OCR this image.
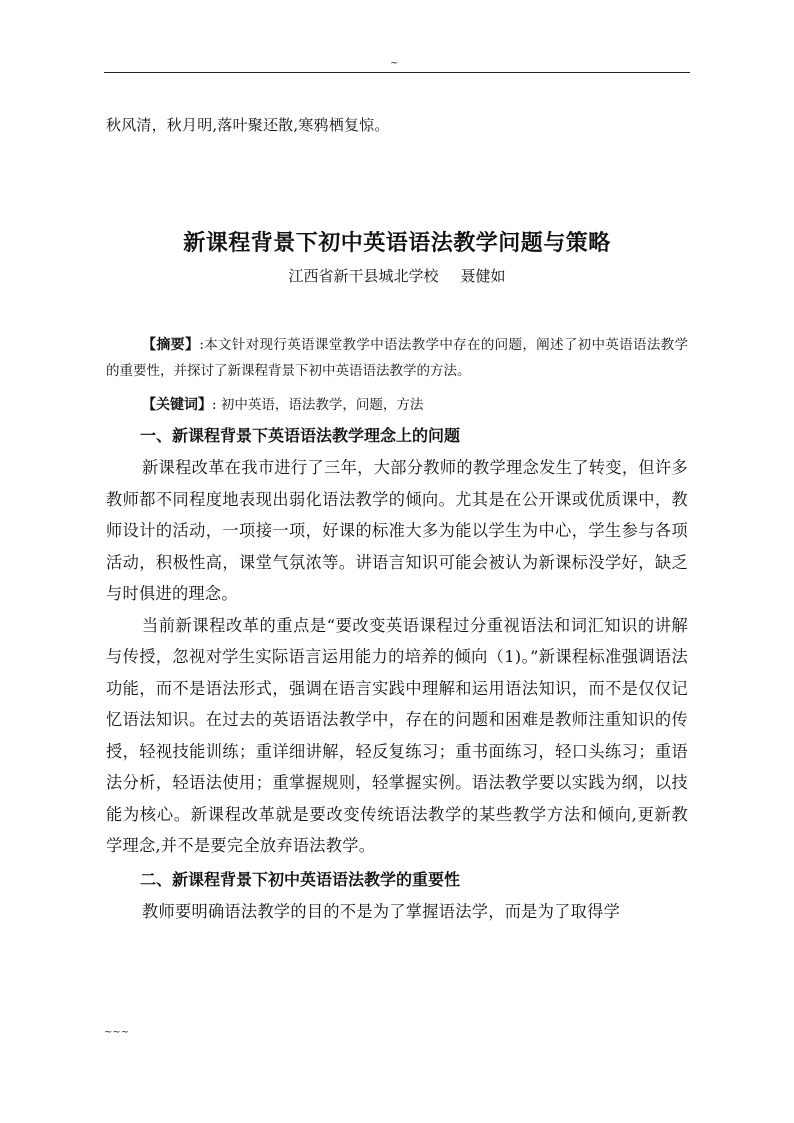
~
秋风清，秋月明,落叶聚还散,寒鸦栖复惊。
新课程背景下初中英语语法教学问题与策略
江西省新干县城北学校 聂健如

【摘要】:本文针对现行英语课堂教学中语法教学中存在的问题，阐述了初中英语语法教学的重要性，并探讨了新课程背景下初中英语语法教学的方法。

【关键词】: 初中英语，语法教学，问题，方法

一、新课程背景下英语语法教学理念上的问题

新课程改革在我市进行了三年，大部分教师的教学理念发生了转变，但许多教师都不同程度地表现出弱化语法教学的倾向。尤其是在公开课或优质课中，教师设计的活动，一项接一项，好课的标准大多为能以学生为中心，学生参与各项活动，积极性高，课堂气氛浓等。讲语言知识可能会被认为新课标没学好，缺乏与时俱进的理念。

当前新课程改革的重点是“要改变英语课程过分重视语法和词汇知识的讲解与传授，忽视对学生实际语言运用能力的培养的倾向（1)。”新课程标准强调语法功能，而不是语法形式，强调在语言实践中理解和运用语法知识，而不是仅仅记忆语法知识。在过去的英语语法教学中，存在的问题和困难是教师注重知识的传授，轻视技能训练；重详细讲解，轻反复练习；重书面练习，轻口头练习；重语法分析，轻语法使用；重掌握规则，轻掌握实例。语法教学要以实践为纲，以技能为核心。新课程改革就是要改变传统语法教学的某些教学方法和倾向,更新教学理念,并不是要完全放弃语法教学。

二、新课程背景下初中英语语法教学的重要性

教师要明确语法教学的目的不是为了掌握语法学，而是为了取得学

~~~
